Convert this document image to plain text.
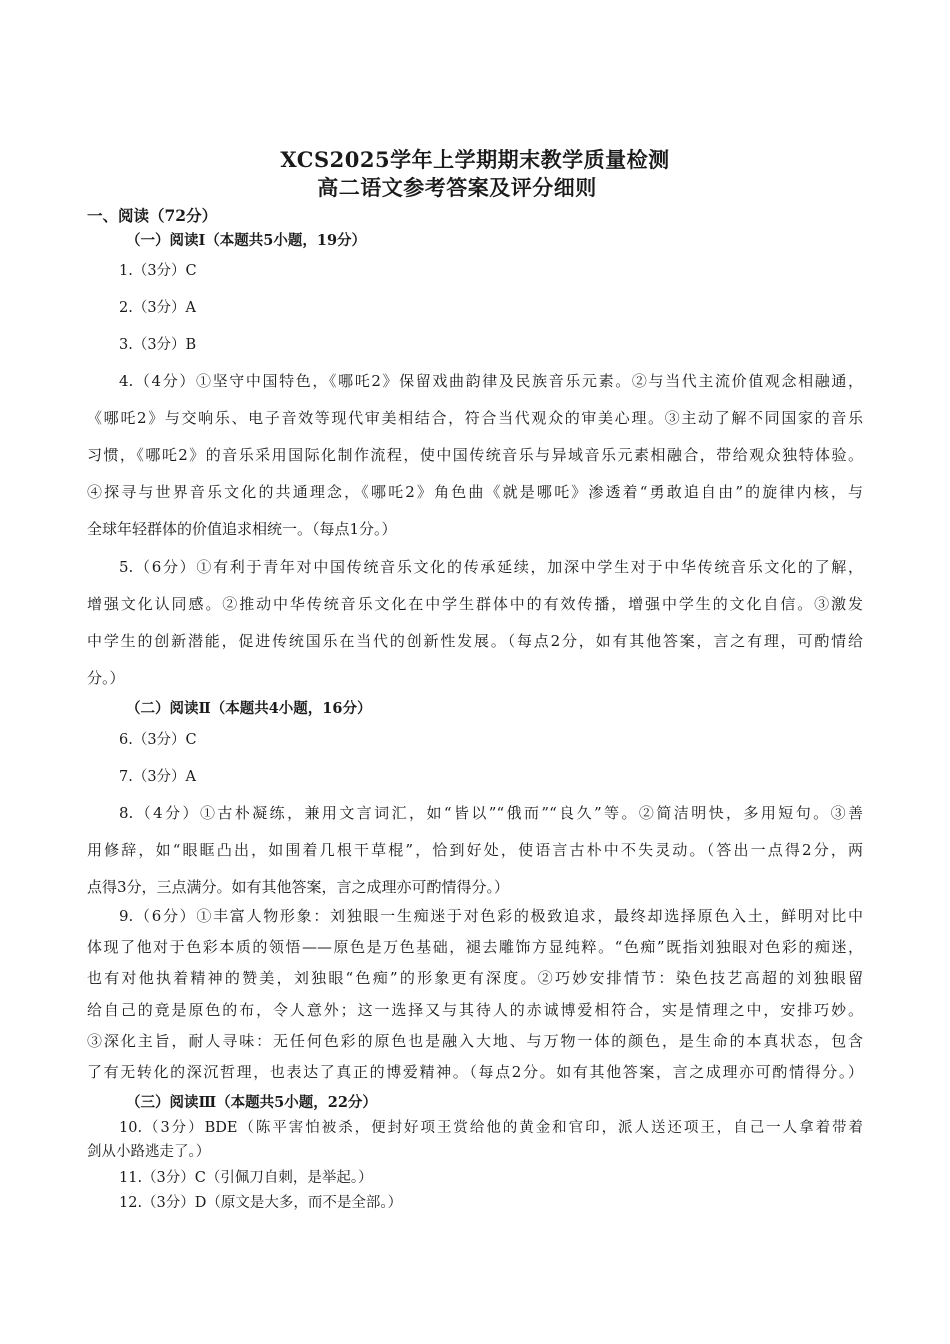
XCS2025学年上学期期末教学质量检测
高二语文参考答案及评分细则
一、阅读（72分）
（一）阅读Ⅰ（本题共5小题，19分）
1.（3分）C
2.（3分）A
3.（3分）B
4.（4分）①坚守中国特色，《哪吒2》保留戏曲韵律及民族音乐元素。②与当代主流价值观念相融通，
《哪吒2》与交响乐、电子音效等现代审美相结合，符合当代观众的审美心理。③主动了解不同国家的音乐
习惯，《哪吒2》的音乐采用国际化制作流程，使中国传统音乐与异域音乐元素相融合，带给观众独特体验。
④探寻与世界音乐文化的共通理念，《哪吒2》角色曲《就是哪吒》渗透着“勇敢追自由”的旋律内核，与
全球年轻群体的价值追求相统一。（每点1分。）
5.（6分）①有利于青年对中国传统音乐文化的传承延续，加深中学生对于中华传统音乐文化的了解，
增强文化认同感。②推动中华传统音乐文化在中学生群体中的有效传播，增强中学生的文化自信。③激发
中学生的创新潜能，促进传统国乐在当代的创新性发展。（每点2分，如有其他答案，言之有理，可酌情给
分。）
（二）阅读Ⅱ（本题共4小题，16分）
6.（3分）C
7.（3分）A
8.（4分）①古朴凝练，兼用文言词汇，如“皆以”“俄而”“良久”等。②简洁明快，多用短句。③善
用修辞，如“眼眶凸出，如围着几根干草棍”，恰到好处，使语言古朴中不失灵动。（答出一点得2分，两
点得3分，三点满分。如有其他答案，言之成理亦可酌情得分。）
9.（6分）①丰富人物形象：刘独眼一生痴迷于对色彩的极致追求，最终却选择原色入土，鲜明对比中
体现了他对于色彩本质的领悟——原色是万色基础，褪去雕饰方显纯粹。“色痴”既指刘独眼对色彩的痴迷，
也有对他执着精神的赞美，刘独眼“色痴”的形象更有深度。②巧妙安排情节：染色技艺高超的刘独眼留
给自己的竟是原色的布，令人意外；这一选择又与其待人的赤诚博爱相符合，实是情理之中，安排巧妙。
③深化主旨，耐人寻味：无任何色彩的原色也是融入大地、与万物一体的颜色，是生命的本真状态，包含
了有无转化的深沉哲理，也表达了真正的博爱精神。（每点2分。如有其他答案，言之成理亦可酌情得分。）
（三）阅读Ⅲ（本题共5小题，22分）
10.（3分）BDE（陈平害怕被杀，便封好项王赏给他的黄金和官印，派人送还项王，自己一人拿着带着
剑从小路逃走了。）
11.（3分）C（引佩刀自刺，是举起。）
12.（3分）D（原文是大多，而不是全部。）
